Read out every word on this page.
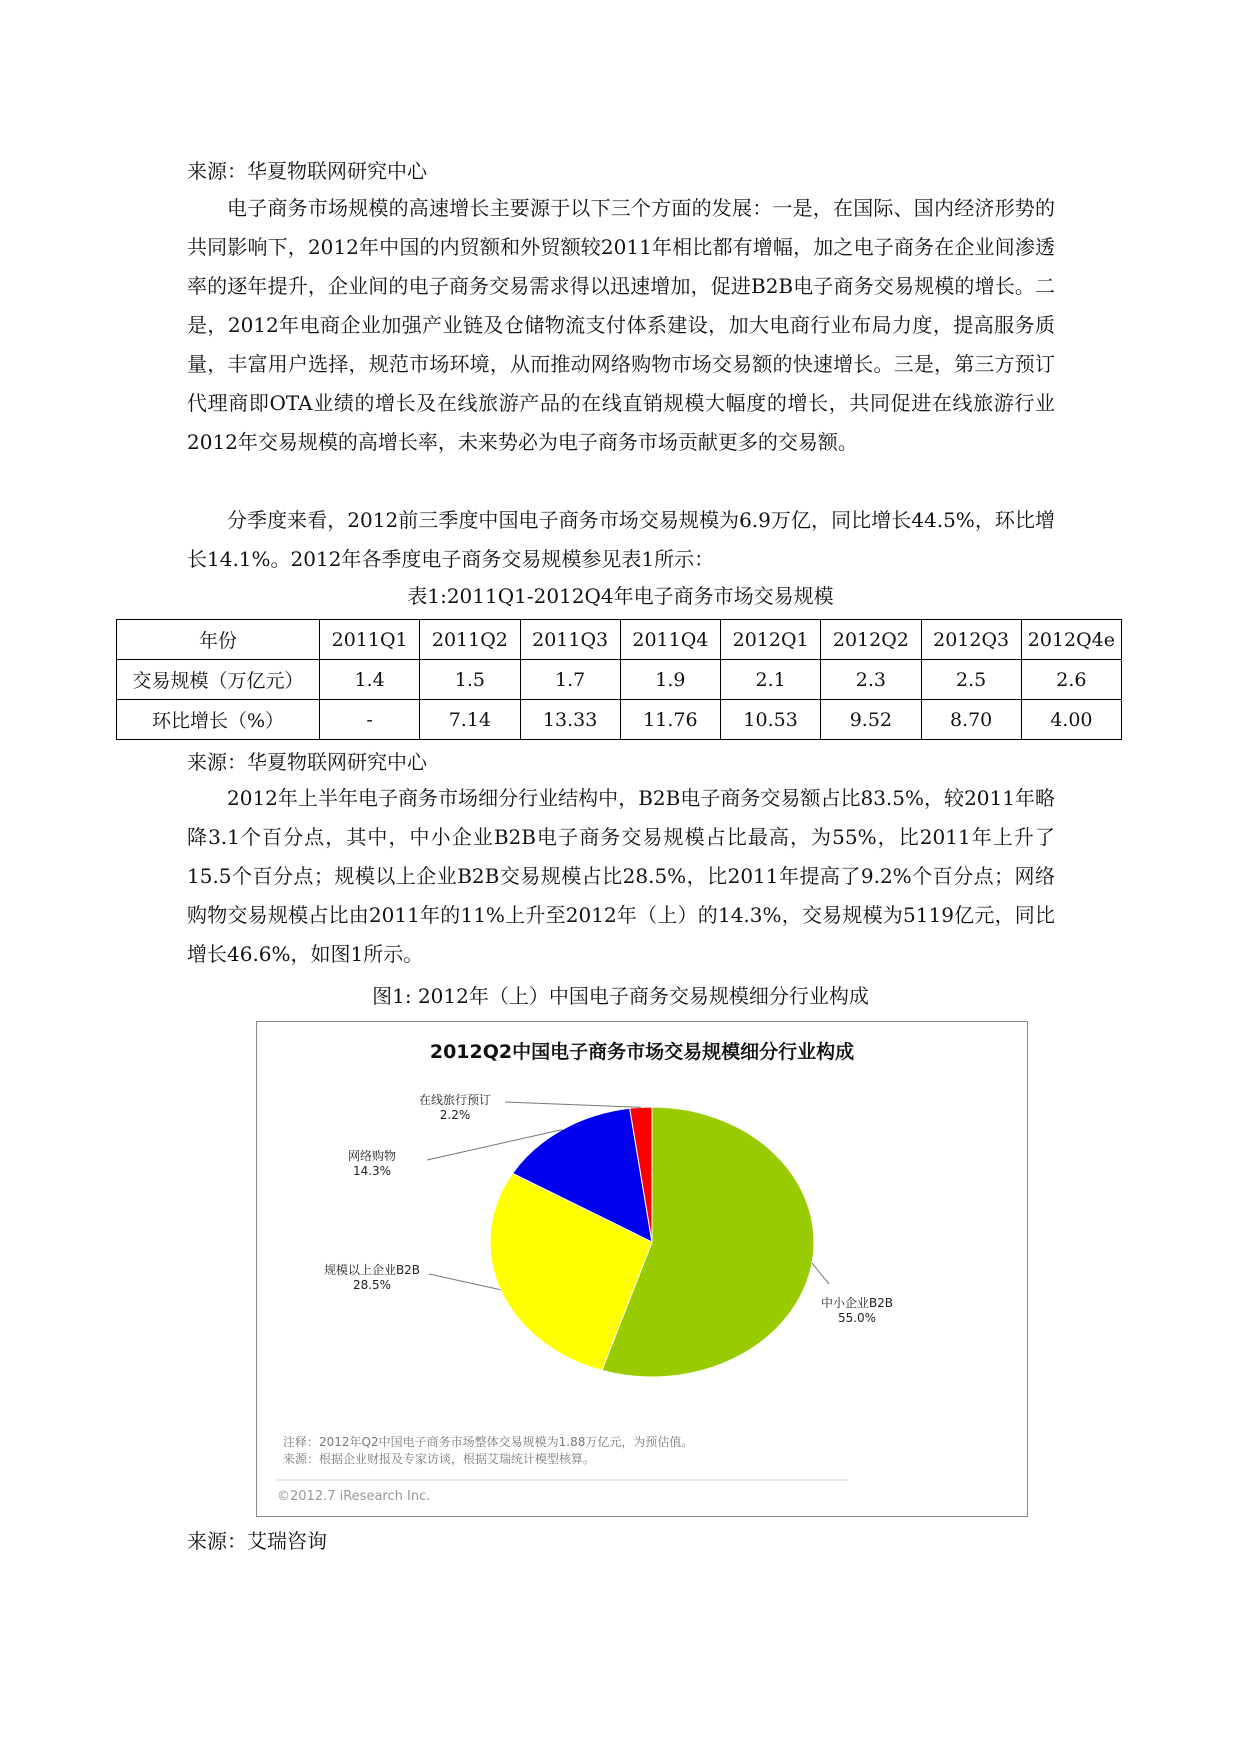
来源：华夏物联网研究中心
电子商务市场规模的高速增长主要源于以下三个方面的发展：一是，在国际、国内经济形势的共同影响下，2012年中国的内贸额和外贸额较2011年相比都有增幅，加之电子商务在企业间渗透率的逐年提升，企业间的电子商务交易需求得以迅速增加，促进B2B电子商务交易规模的增长。二是，2012年电商企业加强产业链及仓储物流支付体系建设，加大电商行业布局力度，提高服务质量，丰富用户选择，规范市场环境，从而推动网络购物市场交易额的快速增长。三是，第三方预订代理商即OTA业绩的增长及在线旅游产品的在线直销规模大幅度的增长，共同促进在线旅游行业2012年交易规模的高增长率，未来势必为电子商务市场贡献更多的交易额。
分季度来看，2012前三季度中国电子商务市场交易规模为6.9万亿，同比增长44.5%，环比增长14.1%。2012年各季度电子商务交易规模参见表1所示：
表1:2011Q1-2012Q4年电子商务市场交易规模
年份	2011Q1	2011Q2	2011Q3	2011Q4	2012Q1	2012Q2	2012Q3	2012Q4e
交易规模（万亿元）	1.4	1.5	1.7	1.9	2.1	2.3	2.5	2.6
环比增长（%）	-	7.14	13.33	11.76	10.53	9.52	8.70	4.00
来源：华夏物联网研究中心
2012年上半年电子商务市场细分行业结构中，B2B电子商务交易额占比83.5%，较2011年略降3.1个百分点，其中，中小企业B2B电子商务交易规模占比最高，为55%，比2011年上升了15.5个百分点；规模以上企业B2B交易规模占比28.5%，比2011年提高了9.2%个百分点；网络购物交易规模占比由2011年的11%上升至2012年（上）的14.3%，交易规模为5119亿元，同比增长46.6%，如图1所示。
图1: 2012年（上）中国电子商务交易规模细分行业构成
2012Q2中国电子商务市场交易规模细分行业构成
中小企业B2B
55.0%
规模以上企业B2B
28.5%
网络购物
14.3%
在线旅行预订
2.2%
注释：2012年Q2中国电子商务市场整体交易规模为1.88万亿元，为预估值。
来源：根据企业财报及专家访谈，根据艾瑞统计模型核算。
©2012.7 iResearch Inc.
来源：艾瑞咨询
